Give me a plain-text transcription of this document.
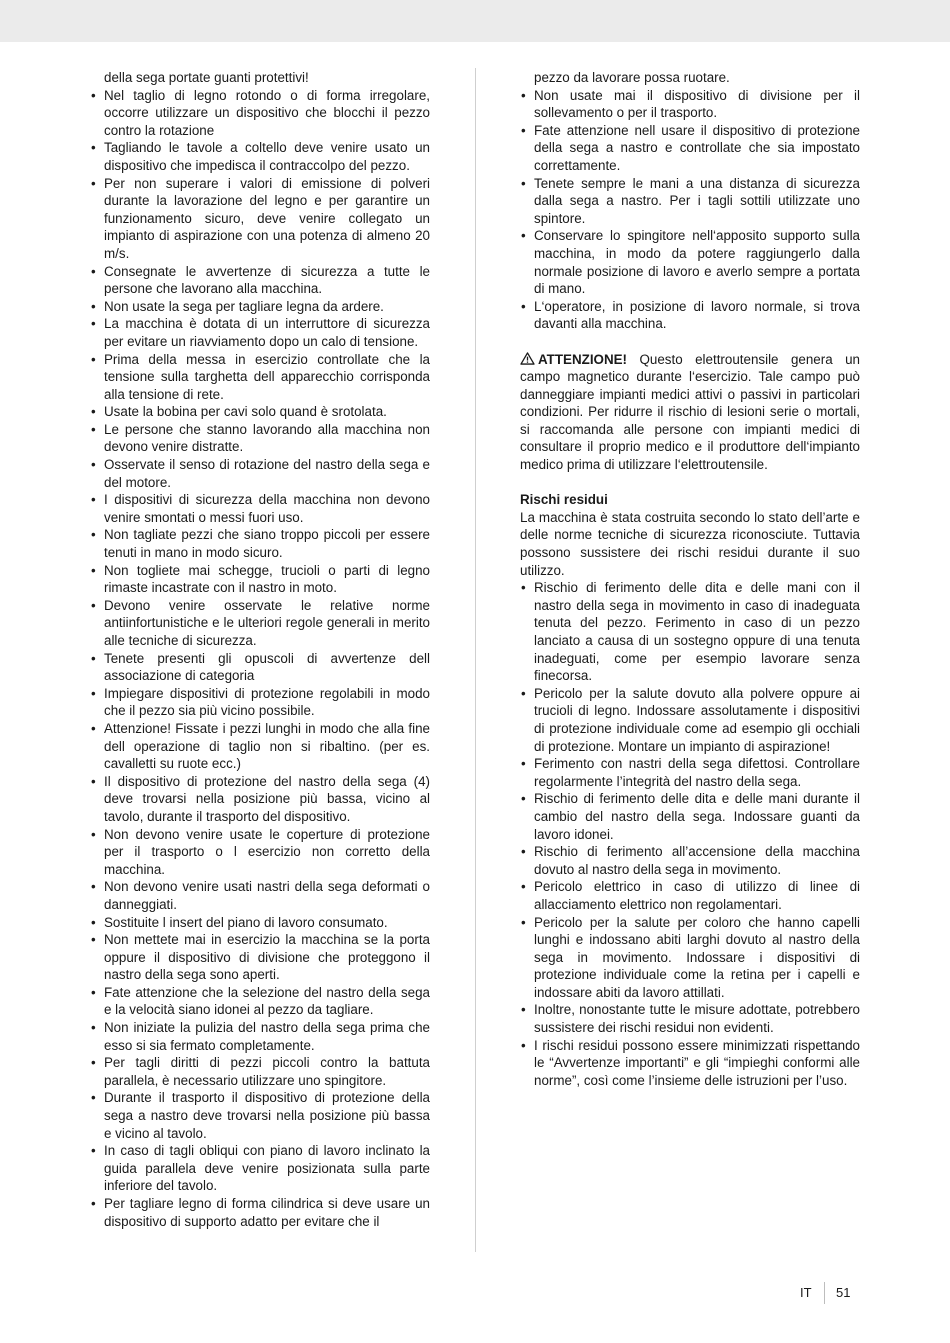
della sega portate guanti protettivi!

• Nel taglio di legno rotondo o di forma irregolare, occorre utilizzare un dispositivo che blocchi il pezzo contro la rotazione
• Tagliando le tavole a coltello deve venire usato un dispositivo che impedisca il contraccolpo del pezzo.
• Per non superare i valori di emissione di polveri durante la lavorazione del legno e per garantire un funzionamento sicuro, deve venire collegato un impianto di aspirazione con una potenza di almeno 20 m/s.
• Consegnate le avvertenze di sicurezza a tutte le persone che lavorano alla macchina.
• Non usate la sega per tagliare legna da ardere.
• La macchina è dotata di un interruttore di sicurezza per evitare un riavviamento dopo un calo di tensione.
• Prima della messa in esercizio controllate che la tensione sulla targhetta dell apparecchio corrisponda alla tensione di rete.
• Usate la bobina per cavi solo quand è srotolata.
• Le persone che stanno lavorando alla macchina non devono venire distratte.
• Osservate il senso di rotazione del nastro della sega e del motore.
• I dispositivi di sicurezza della macchina non devono venire smontati o messi fuori uso.
• Non tagliate pezzi che siano troppo piccoli per essere tenuti in mano in modo sicuro.
• Non togliete mai schegge, trucioli o parti di legno rimaste incastrate con il nastro in moto.
• Devono venire osservate le relative norme antiinfortunistiche e le ulteriori regole generali in merito alle tecniche di sicurezza.
• Tenete presenti gli opuscoli di avvertenze dell associazione di categoria
• Impiegare dispositivi di protezione regolabili in modo che il pezzo sia più vicino possibile.
• Attenzione! Fissate i pezzi lunghi in modo che alla fine dell operazione di taglio non si ribaltino. (per es. cavalletti su ruote ecc.)
• Il dispositivo di protezione del nastro della sega (4) deve trovarsi nella posizione più bassa, vicino al tavolo, durante il trasporto del dispositivo.
• Non devono venire usate le coperture di protezione per il trasporto o l esercizio non corretto della macchina.
• Non devono venire usati nastri della sega deformati o danneggiati.
• Sostituite l insert del piano di lavoro consumato.
• Non mettete mai in esercizio la macchina se la porta oppure il dispositivo di divisione che proteggono il nastro della sega sono aperti.
• Fate attenzione che la selezione del nastro della sega e la velocità siano idonei al pezzo da tagliare.
• Non iniziate la pulizia del nastro della sega prima che esso si sia fermato completamente.
• Per tagli diritti di pezzi piccoli contro la battuta parallela, è necessario utilizzare uno spingitore.
• Durante il trasporto il dispositivo di protezione della sega a nastro deve trovarsi nella posizione più bassa e vicino al tavolo.
• In caso di tagli obliqui con piano di lavoro inclinato la guida parallela deve venire posizionata sulla parte inferiore del tavolo.
• Per tagliare legno di forma cilindrica si deve usare un dispositivo di supporto adatto per evitare che il

pezzo da lavorare possa ruotare.

• Non usate mai il dispositivo di divisione per il sollevamento o per il trasporto.
• Fate attenzione nell usare il dispositivo di protezione della sega a nastro e controllate che sia impostato correttamente.
• Tenete sempre le mani a una distanza di sicurezza dalla sega a nastro. Per i tagli sottili utilizzate uno spintore.
• Conservare lo spingitore nell‘apposito supporto sulla macchina, in modo da potere raggiungerlo dalla normale posizione di lavoro e averlo sempre a portata di mano.
• L‘operatore, in posizione di lavoro normale, si trova davanti alla macchina.

ATTENZIONE! Questo elettroutensile genera un campo magnetico durante l‘esercizio. Tale campo può danneggiare impianti medici attivi o passivi in particolari condizioni. Per ridurre il rischio di lesioni serie o mortali, si raccomanda alle persone con impianti medici di consultare il proprio medico e il produttore dell‘impianto medico prima di utilizzare l‘elettroutensile.

Rischi residui

La macchina è stata costruita secondo lo stato dell’arte e delle norme tecniche di sicurezza riconosciute. Tuttavia possono sussistere dei rischi residui durante il suo utilizzo.

• Rischio di ferimento delle dita e delle mani con il nastro della sega in movimento in caso di inadeguata tenuta del pezzo. Ferimento in caso di un pezzo lanciato a causa di un sostegno oppure di una tenuta inadeguati, come per esempio lavorare senza finecorsa.
• Pericolo per la salute dovuto alla polvere oppure ai trucioli di legno. Indossare assolutamente i dispositivi di protezione individuale come ad esempio gli occhiali di protezione. Montare un impianto di aspirazione!
• Ferimento con nastri della sega difettosi. Controllare regolarmente l’integrità del nastro della sega.
• Rischio di ferimento delle dita e delle mani durante il cambio del nastro della sega. Indossare guanti da lavoro idonei.
• Rischio di ferimento all’accensione della macchina dovuto al nastro della sega in movimento.
• Pericolo elettrico in caso di utilizzo di linee di allacciamento elettrico non regolamentari.
• Pericolo per la salute per coloro che hanno capelli lunghi e indossano abiti larghi dovuto al nastro della sega in movimento. Indossare i dispositivi di protezione individuale come la retina per i capelli e indossare abiti da lavoro attillati.
• Inoltre, nonostante tutte le misure adottate, potrebbero sussistere dei rischi residui non evidenti.
• I rischi residui possono essere minimizzati rispettando le “Avvertenze importanti” e gli “impieghi conformi alle norme”, così come l’insieme delle istruzioni per l’uso.
IT 51
